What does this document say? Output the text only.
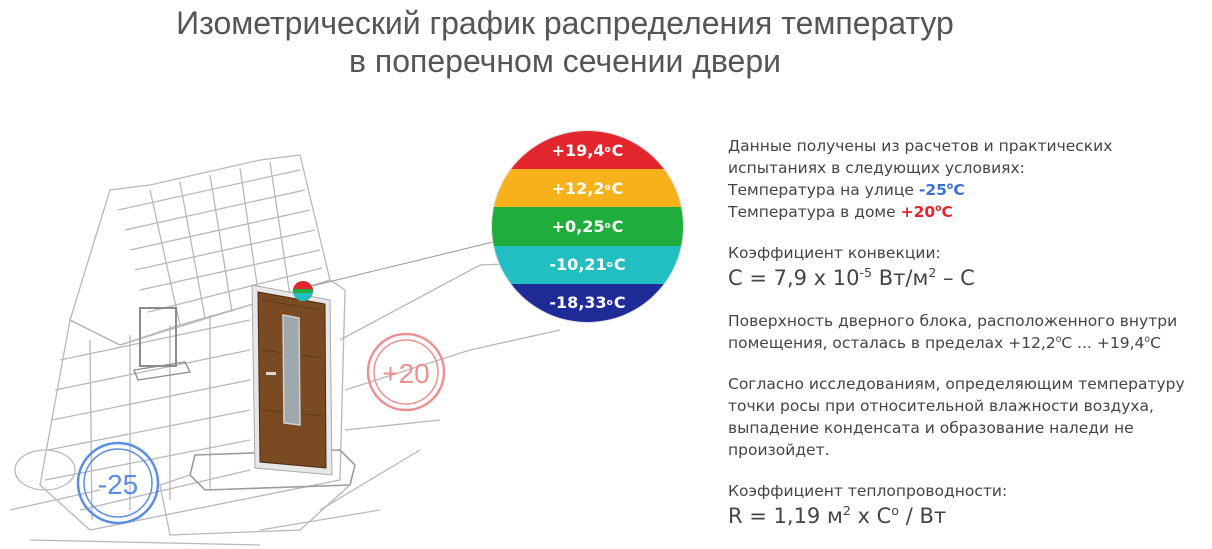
Изометрический график распределения температур
в поперечном сечении двери
-25
+20
+19,4 o С
+12,2 o С
+0,25 o С
-10,21 o С
-18,33 o С

Данные получены из расчетов и практических
испытаниях в следующих условиях:
Температура на улице $-25^оС$
Температура в доме $+20^оС$

Коэффициент конвекции:
С = 7,9 х $10^{-5}$ $Вт/м^2$ – С

Поверхность дверного блока, расположенного внутри
помещения, осталась в пределах $+12,2^оС$ ... $+19,4^оС$

Согласно исследованиям, определяющим температуру
точки росы при относительной влажности воздуха,
выпадение конденсата и образование наледи не
произойдет.

Коэффициент теплопроводности:
R = 1,19 $м^2$ х $С^о$ / Вт
